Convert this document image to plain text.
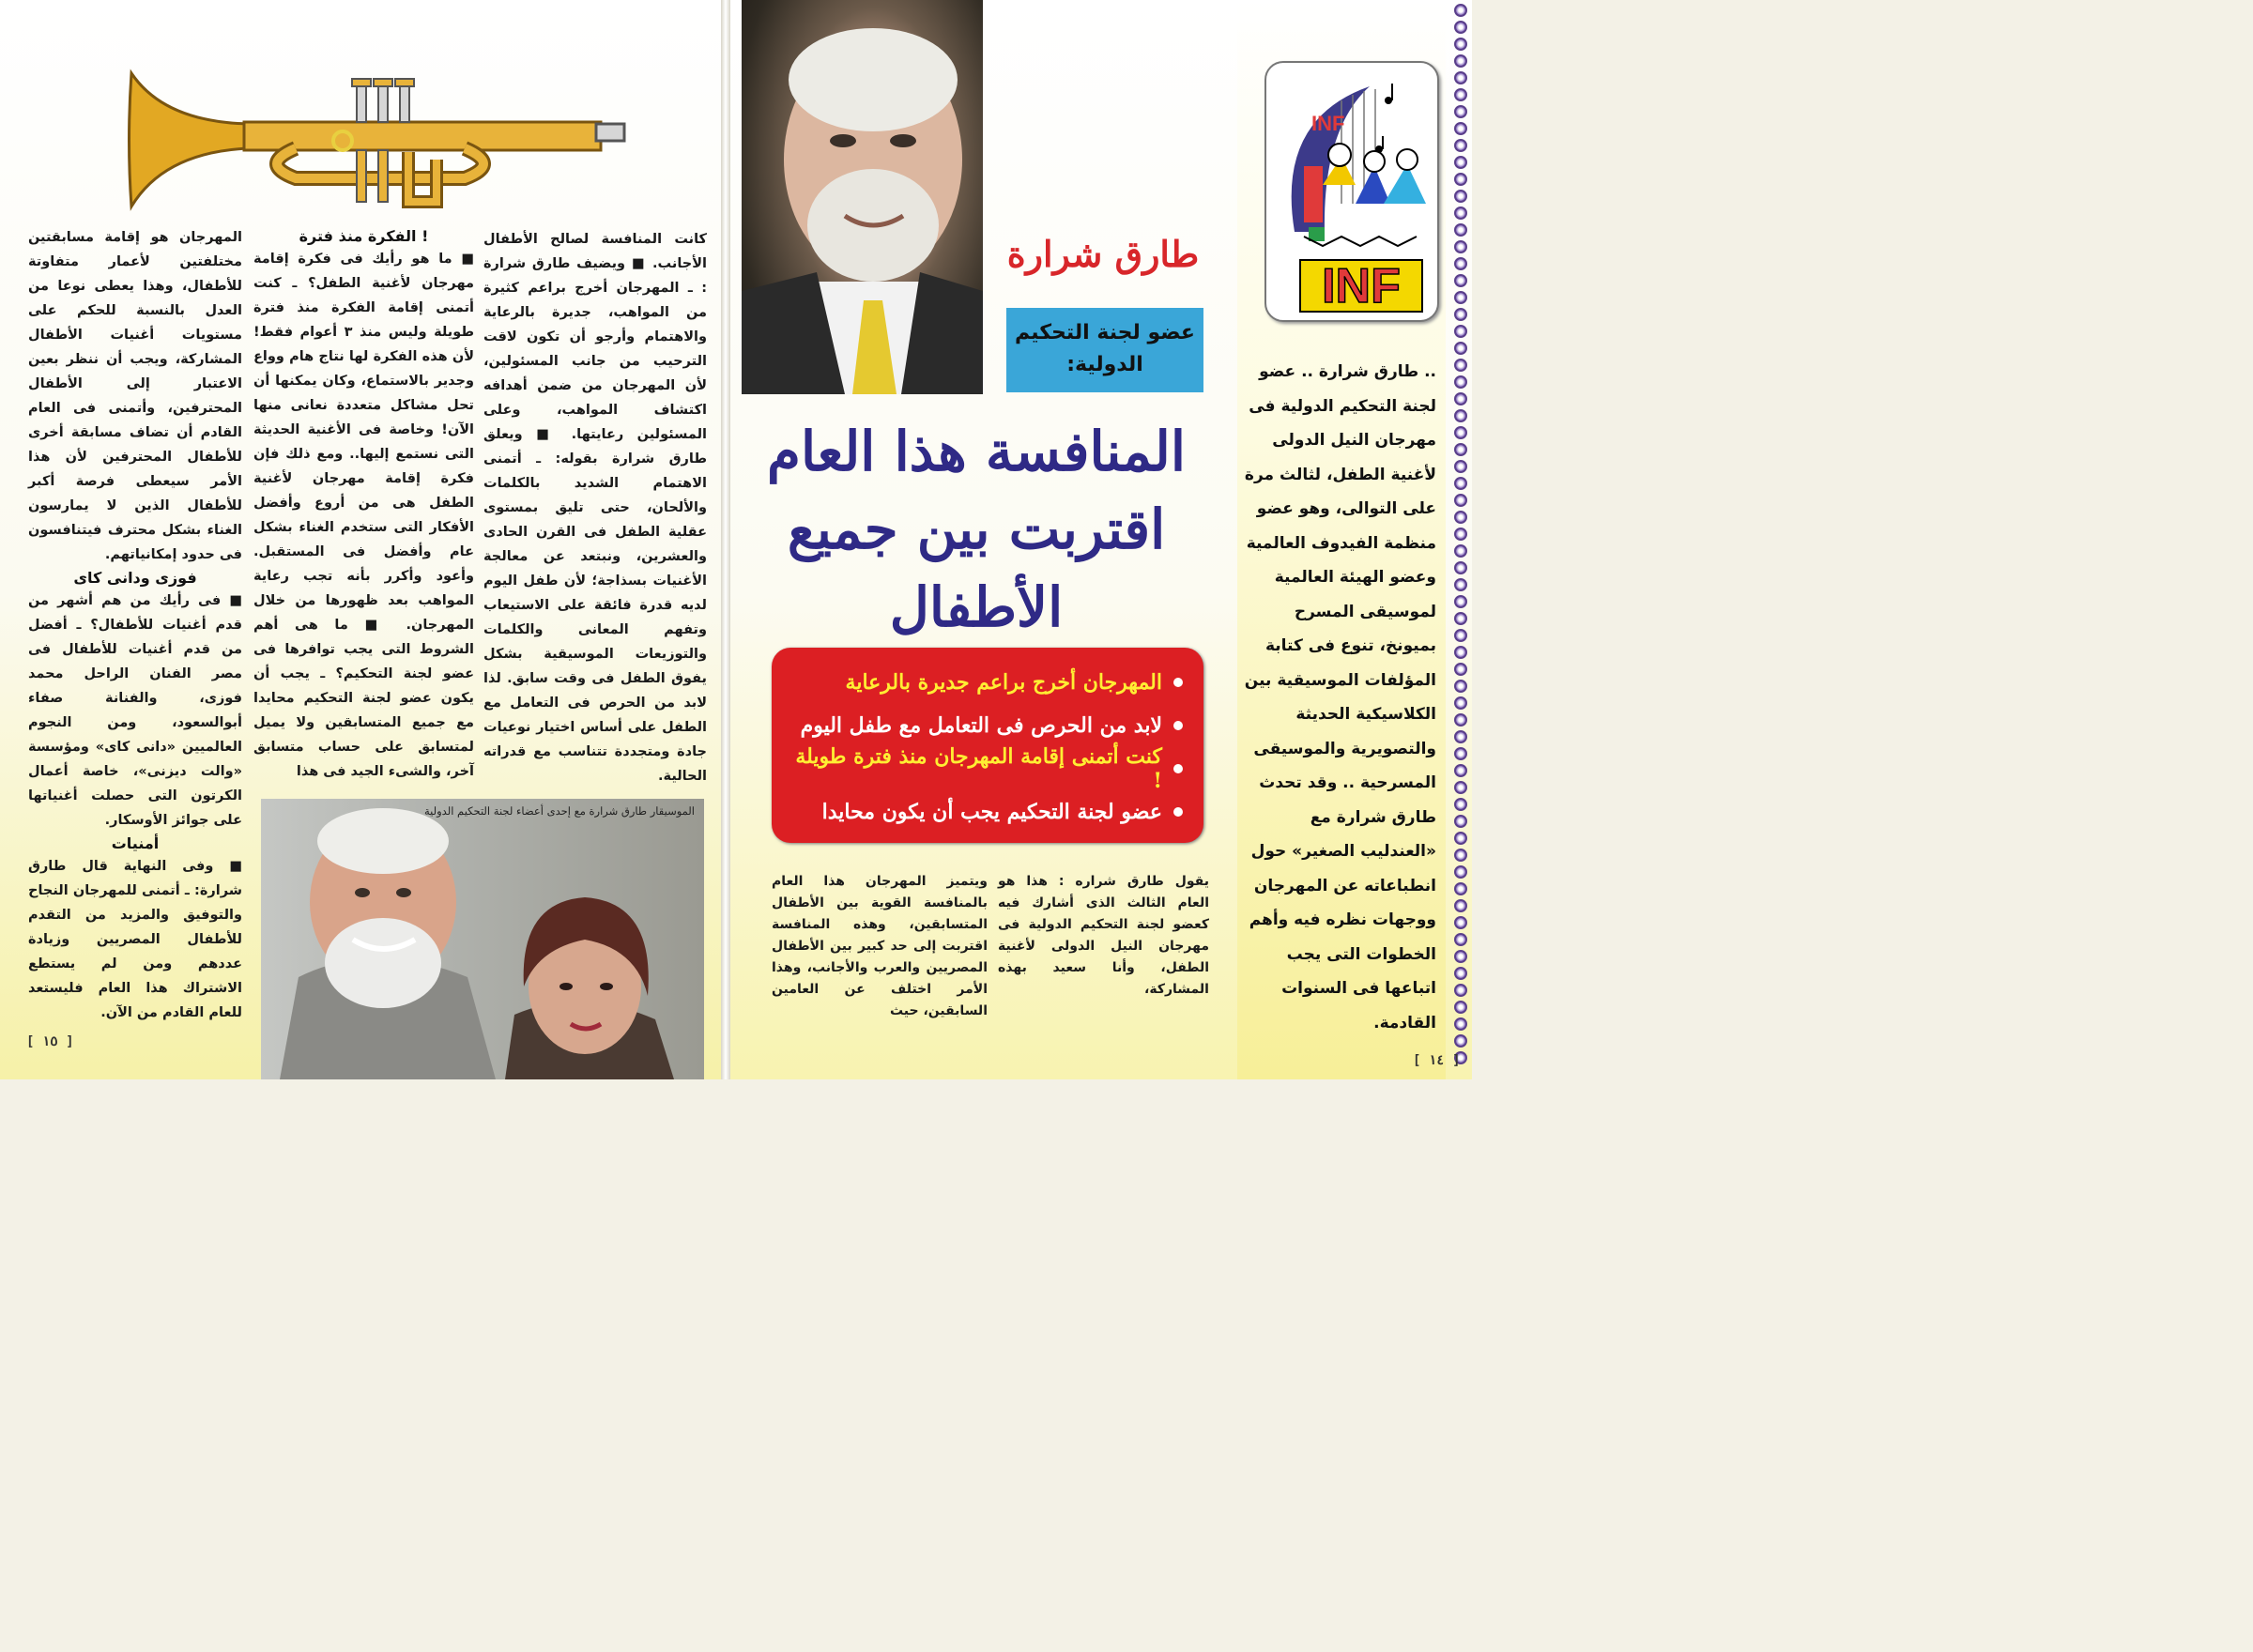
INF
INF
.. طارق شرارة .. عضو لجنة التحكيم الدولية فى مهرجان النيل الدولى لأغنية الطفل، لثالث مرة على التوالى، وهو عضو منظمة الفيدوف العالمية وعضو الهيئة العالمية لموسيقى المسرح بميونخ، تنوع فى كتابة المؤلفات الموسيقية بين الكلاسيكية الحديثة والتصويرية والموسيقى المسرحية .. وقد تحدث طارق شرارة مع «العندليب الصغير» حول انطباعاته عن المهرجان ووجهات نظره فيه وأهم الخطوات التى يجب اتباعها فى السنوات القادمة.
[ ١٤ ]
طارق شرارة
عضو لجنة التحكيم الدولية:
المنافسة هذا العام اقتربت بين جميع الأطفال
المهرجان أخرج براعم جديرة بالرعاية
لابد من الحرص فى التعامل مع طفل اليوم
كنت أتمنى إقامة المهرجان منذ فترة طويلة !
عضو لجنة التحكيم يجب أن يكون محايدا
يقول طارق شراره : هذا هو العام الثالث الذى أشارك فيه كعضو لجنة التحكيم الدولية فى مهرجان النيل الدولى لأغنية الطفل، وأنا سعيد بهذه المشاركة،
ويتميز المهرجان هذا العام بالمنافسة القوية بين الأطفال المتسابقين، وهذه المنافسة اقتربت إلى حد كبير بين الأطفال المصريين والعرب والأجانب، وهذا الأمر اختلف عن العامين السابقين، حيث
كانت المنافسة لصالح الأطفال الأجانب. ■ ويضيف طارق شرارة : ـ المهرجان أخرج براعم كثيرة من المواهب، جديرة بالرعاية والاهتمام وأرجو أن تكون لاقت الترحيب من جانب المسئولين، لأن المهرجان من ضمن أهدافه اكتشاف المواهب، وعلى المسئولين رعايتها. ■ ويعلق طارق شرارة بقوله: ـ أتمنى الاهتمام الشديد بالكلمات والألحان، حتى تليق بمستوى عقلية الطفل فى القرن الحادى والعشرين، ونبتعد عن معالجة الأغنيات بسذاجة؛ لأن طفل اليوم لديه قدرة فائقة على الاستيعاب وتفهم المعانى والكلمات والتوزيعات الموسيقية بشكل يفوق الطفل فى وقت سابق. لذا لابد من الحرص فى التعامل مع الطفل على أساس اختيار نوعيات جادة ومتجددة تتناسب مع قدراته الحالية.
الفكرة منذ فترة !
■ ما هو رأيك فى فكرة إقامة مهرجان لأغنية الطفل؟ ـ كنت أتمنى إقامة الفكرة منذ فترة طويلة وليس منذ ٣ أعوام فقط! لأن هذه الفكرة لها نتاج هام وواع وجدير بالاستماع، وكان يمكنها أن تحل مشاكل متعددة نعانى منها الآن! وخاصة فى الأغنية الحديثة التى نستمع إليها.. ومع ذلك فإن فكرة إقامة مهرجان لأغنية الطفل هى من أروع وأفضل الأفكار التى ستخدم الغناء بشكل عام وأفضل فى المستقبل. وأعود وأكرر بأنه تجب رعاية المواهب بعد ظهورها من خلال المهرجان. ■ ما هى أهم الشروط التى يجب توافرها فى عضو لجنة التحكيم؟ ـ يجب أن يكون عضو لجنة التحكيم محايدا مع جميع المتسابقين ولا يميل لمتسابق على حساب متسابق آخر، والشىء الجيد فى هذا
المهرجان هو إقامة مسابقتين مختلفتين لأعمار متفاوتة للأطفال، وهذا يعطى نوعا من العدل بالنسبة للحكم على مستويات أغنيات الأطفال المشاركة، ويجب أن ننظر بعين الاعتبار إلى الأطفال المحترفين، وأتمنى فى العام القادم أن تضاف مسابقة أخرى للأطفال المحترفين لأن هذا الأمر سيعطى فرصة أكبر للأطفال الذين لا يمارسون الغناء بشكل محترف فيتنافسون فى حدود إمكانياتهم.
فوزى ودانى كاى
■ فى رأيك من هم أشهر من قدم أغنيات للأطفال؟ ـ أفضل من قدم أغنيات للأطفال فى مصر الفنان الراحل محمد فوزى، والفنانة صفاء أبوالسعود، ومن النجوم العالميين «دانى كاى» ومؤسسة «والت ديزنى»، خاصة أعمال الكرتون التى حصلت أغنياتها على جوائز الأوسكار.
أمنيات
■ وفى النهاية قال طارق شرارة: ـ أتمنى للمهرجان النجاح والتوفيق والمزيد من التقدم للأطفال المصريين وزيادة عددهم ومن لم يستطع الاشتراك هذا العام فليستعد للعام القادم من الآن.
الموسيقار طارق شرارة مع إحدى أعضاء لجنة التحكيم الدولية
[ ١٥ ]
